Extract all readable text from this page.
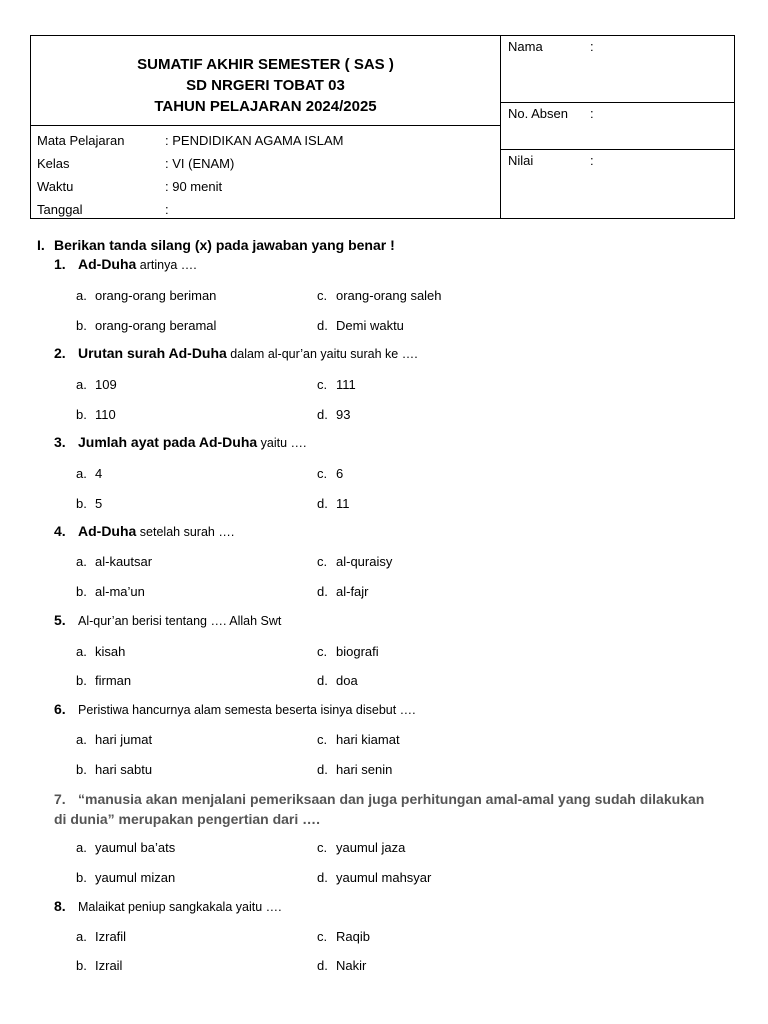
SUMATIF AKHIR SEMESTER ( SAS )
SD NRGERI TOBAT 03
TAHUN PELAJARAN 2024/2025
Mata Pelajaran	: PENDIDIKAN AGAMA ISLAM
Kelas	: VI (ENAM)
Waktu	: 90 menit
Tanggal	:
Nama	:
No. Absen	:
Nilai	:
I. Berikan tanda silang (x) pada jawaban yang benar !
1. Ad-Duha artinya ….
a. orang-orang beriman	c. orang-orang saleh
b. orang-orang beramal	d. Demi waktu
2. Urutan surah Ad-Duha dalam al-qur’an yaitu surah ke ….
a. 109	c. 111
b. 110	d. 93
3. Jumlah ayat pada Ad-Duha yaitu ….
a. 4	c. 6
b. 5	d. 11
4. Ad-Duha setelah surah ….
a. al-kautsar	c. al-quraisy
b. al-ma’un	d. al-fajr
5. Al-qur’an berisi tentang …. Allah Swt
a. kisah	c. biografi
b. firman	d. doa
6. Peristiwa hancurnya alam semesta beserta isinya disebut ….
a. hari jumat	c. hari kiamat
b. hari sabtu	d. hari senin
7. “manusia akan menjalani pemeriksaan dan juga perhitungan amal-amal yang sudah dilakukan di dunia” merupakan pengertian dari ….
a. yaumul ba’ats	c. yaumul jaza
b. yaumul mizan	d. yaumul mahsyar
8. Malaikat peniup sangkakala yaitu ….
a. Izrafil	c. Raqib
b. Izrail	d. Nakir
